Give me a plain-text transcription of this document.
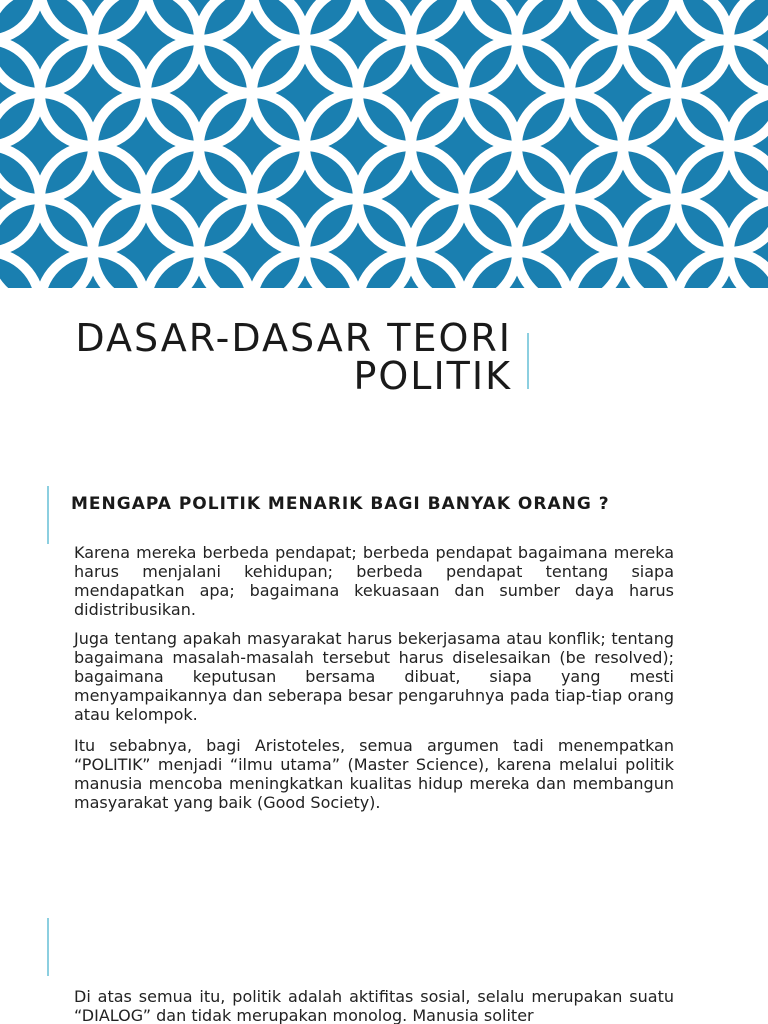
DASAR-DASAR TEORI
POLITIK
MENGAPA POLITIK MENARIK BAGI BANYAK ORANG ?

Karena mereka berbeda pendapat; berbeda pendapat bagaimana mereka harus menjalani kehidupan; berbeda pendapat tentang siapa mendapatkan apa; bagaimana kekuasaan dan sumber daya harus didistribusikan.

Juga tentang apakah masyarakat harus bekerjasama atau konflik; tentang bagaimana masalah-masalah tersebut harus diselesaikan (be resolved); bagaimana keputusan bersama dibuat, siapa yang mesti menyampaikannya dan seberapa besar pengaruhnya pada tiap-tiap orang atau kelompok.

Itu sebabnya, bagi Aristoteles, semua argumen tadi menempatkan “POLITIK” menjadi “ilmu utama” (Master Science), karena melalui politik manusia mencoba meningkatkan kualitas hidup mereka dan membangun masyarakat yang baik (Good Society).

Di atas semua itu, politik adalah aktifitas sosial, selalu merupakan suatu “DIALOG” dan tidak merupakan monolog. Manusia soliter
